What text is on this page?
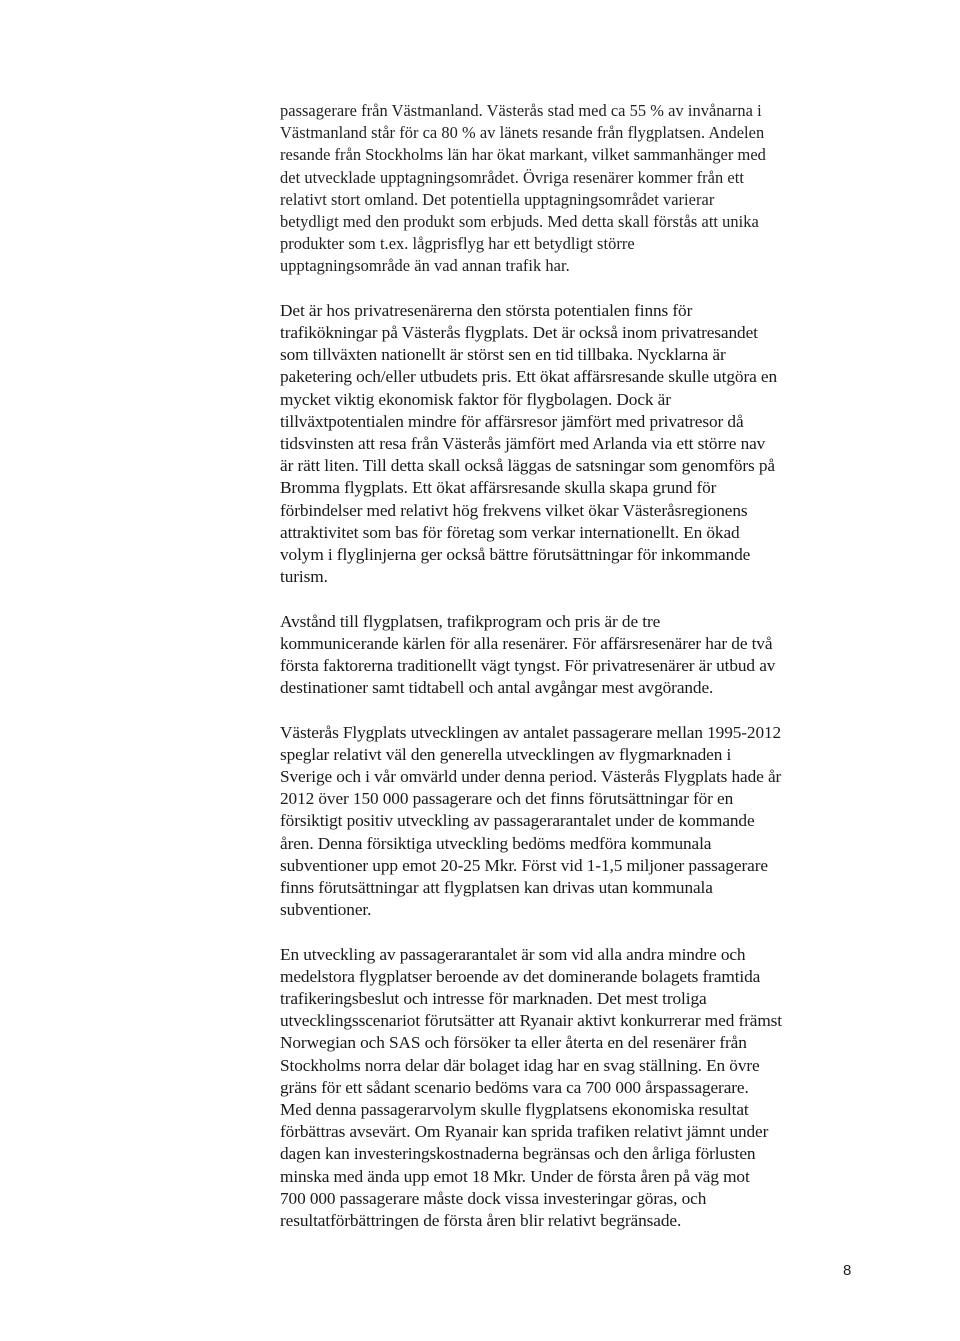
passagerare från Västmanland. Västerås stad med ca 55 % av invånarna i
Västmanland står för ca 80 % av länets resande från flygplatsen. Andelen
resande från Stockholms län har ökat markant, vilket sammanhänger med
det utvecklade upptagningsområdet. Övriga resenärer kommer från ett
relativt stort omland. Det potentiella upptagningsområdet varierar
betydligt med den produkt som erbjuds. Med detta skall förstås att unika
produkter som t.ex. lågprisflyg har ett betydligt större
upptagningsområde än vad annan trafik har.

Det är hos privatresenärerna den största potentialen finns för
trafikökningar på Västerås flygplats. Det är också inom privatresandet
som tillväxten nationellt är störst sen en tid tillbaka. Nycklarna är
paketering och/eller utbudets pris. Ett ökat affärsresande skulle utgöra en
mycket viktig ekonomisk faktor för flygbolagen. Dock är
tillväxtpotentialen mindre för affärsresor jämfört med privatresor då
tidsvinsten att resa från Västerås jämfört med Arlanda via ett större nav
är rätt liten. Till detta skall också läggas de satsningar som genomförs på
Bromma flygplats. Ett ökat affärsresande skulla skapa grund för
förbindelser med relativt hög frekvens vilket ökar Västeråsregionens
attraktivitet som bas för företag som verkar internationellt. En ökad
volym i flyglinjerna ger också bättre förutsättningar för inkommande
turism.

Avstånd till flygplatsen, trafikprogram och pris är de tre
kommunicerande kärlen för alla resenärer. För affärsresenärer har de två
första faktorerna traditionellt vägt tyngst. För privatresenärer är utbud av
destinationer samt tidtabell och antal avgångar mest avgörande.

Västerås Flygplats utvecklingen av antalet passagerare mellan 1995-2012
speglar relativt väl den generella utvecklingen av flygmarknaden i
Sverige och i vår omvärld under denna period. Västerås Flygplats hade år
2012 över 150 000 passagerare och det finns förutsättningar för en
försiktigt positiv utveckling av passagerarantalet under de kommande
åren. Denna försiktiga utveckling bedöms medföra kommunala
subventioner upp emot 20-25 Mkr. Först vid 1-1,5 miljoner passagerare
finns förutsättningar att flygplatsen kan drivas utan kommunala
subventioner.

En utveckling av passagerarantalet är som vid alla andra mindre och
medelstora flygplatser beroende av det dominerande bolagets framtida
trafikeringsbeslut och intresse för marknaden. Det mest troliga
utvecklingsscenariot förutsätter att Ryanair aktivt konkurrerar med främst
Norwegian och SAS och försöker ta eller återta en del resenärer från
Stockholms norra delar där bolaget idag har en svag ställning. En övre
gräns för ett sådant scenario bedöms vara ca 700 000 årspassagerare.
Med denna passagerarvolym skulle flygplatsens ekonomiska resultat
förbättras avsevärt. Om Ryanair kan sprida trafiken relativt jämnt under
dagen kan investeringskostnaderna begränsas och den årliga förlusten
minska med ända upp emot 18 Mkr. Under de första åren på väg mot
700 000 passagerare måste dock vissa investeringar göras, och
resultatförbättringen de första åren blir relativt begränsade.

8
